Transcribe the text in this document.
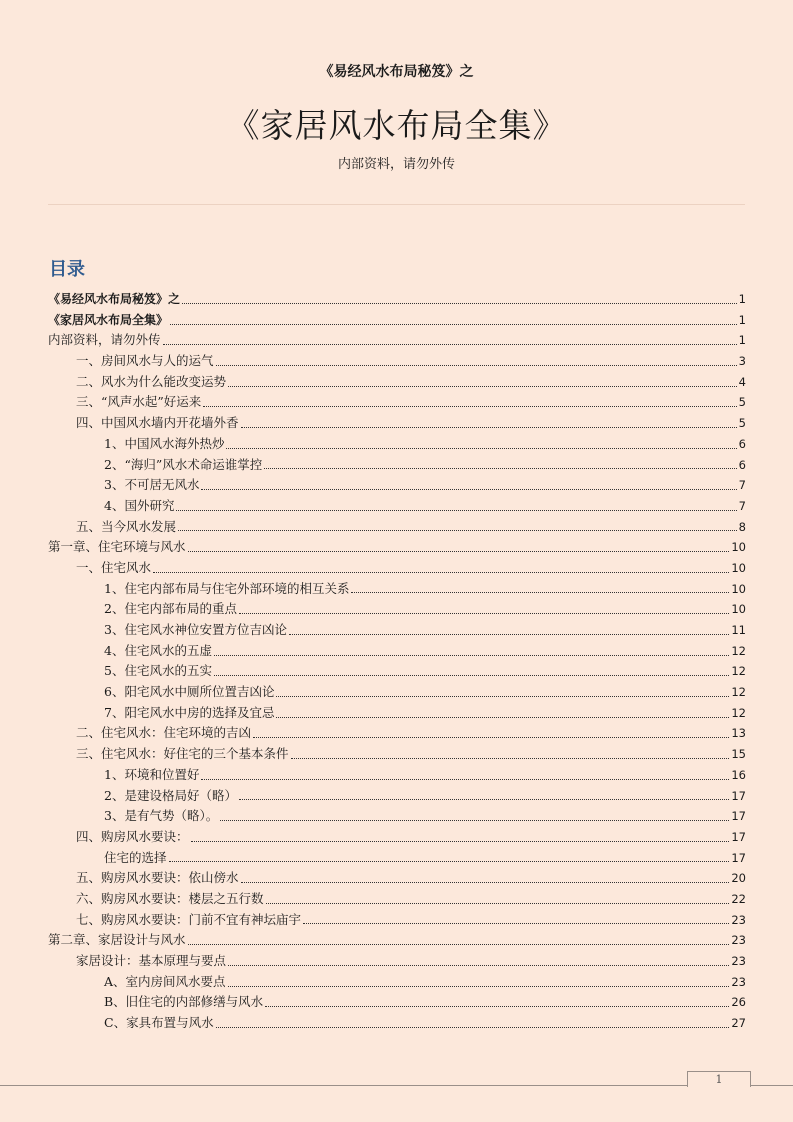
《易经风水布局秘笈》之
《家居风水布局全集》
内部资料，请勿外传
目录
《易经风水布局秘笈》之	1
《家居风水布局全集》	1
内部资料，请勿外传	1
一、房间风水与人的运气	3
二、风水为什么能改变运势	4
三、“风声水起”好运来	5
四、中国风水墙内开花墙外香	5
1、中国风水海外热炒	6
2、“海归”风水术命运谁掌控	6
3、不可居无风水	7
4、国外研究	7
五、当今风水发展	8
第一章、住宅环境与风水	10
一、住宅风水	10
1、住宅内部布局与住宅外部环境的相互关系	10
2、住宅内部布局的重点	10
3、住宅风水神位安置方位吉凶论	11
4、住宅风水的五虚	12
5、住宅风水的五实	12
6、阳宅风水中厕所位置吉凶论	12
7、阳宅风水中房的选择及宜忌	12
二、住宅风水：住宅环境的吉凶	13
三、住宅风水：好住宅的三个基本条件	15
1、环境和位置好	16
2、是建设格局好（略）	17
3、是有气势（略）。	17
四、购房风水要诀：	17
住宅的选择	17
五、购房风水要诀：依山傍水	20
六、购房风水要诀：楼层之五行数	22
七、购房风水要诀：门前不宜有神坛庙宇	23
第二章、家居设计与风水	23
家居设计：基本原理与要点	23
A、室内房间风水要点	23
B、旧住宅的内部修缮与风水	26
C、家具布置与风水	27
1
